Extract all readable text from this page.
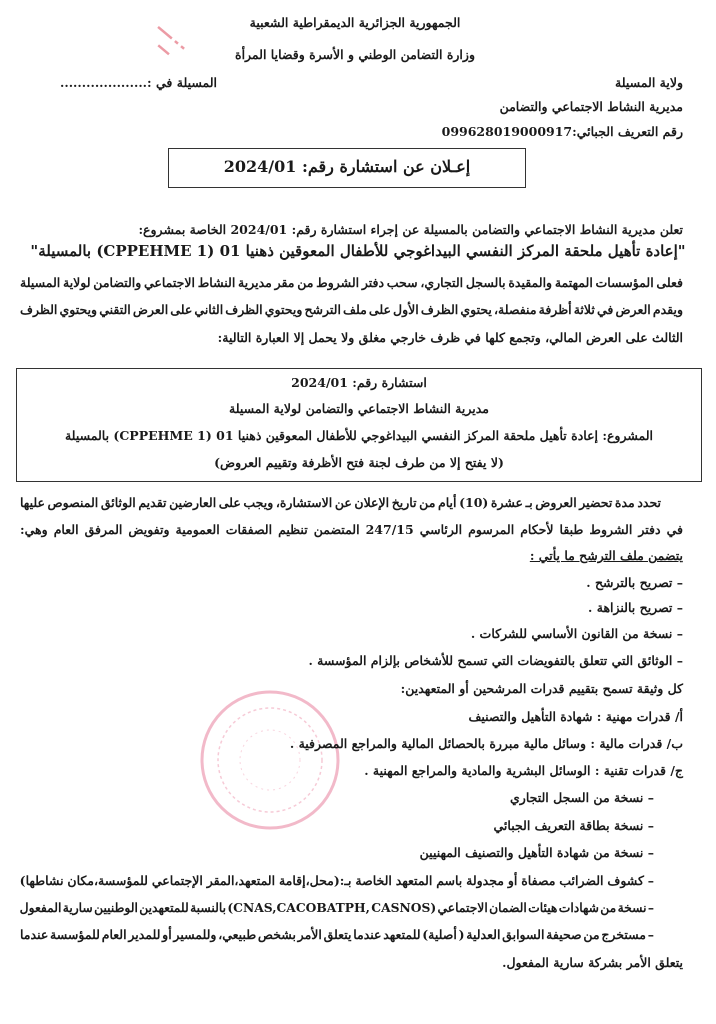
الجمهورية الجزائرية الديمقراطية الشعبية
وزارة التضامن الوطني و الأسرة وقضايا المرأة
ولاية المسيلة
المسيلة في :....................
مديرية النشاط الاجتماعي والتضامن
رقم التعريف الجبائي:099628019000917
إعـلان عن استشارة رقم: 2024/01
تعلن مديرية النشاط الاجتماعي والتضامن بالمسيلة عن إجراء استشارة رقم: 2024/01 الخاصة بمشروع:
"إعادة تأهيل ملحقة المركز النفسي البيداغوجي للأطفال المعوقين ذهنيا 01 (CPPEHME 1) بالمسيلة"
فعلى المؤسسات المهتمة والمقيدة بالسجل التجاري، سحب دفتر الشروط من مقر مديرية النشاط الاجتماعي والتضامن لولاية المسيلة
ويقدم العرض في ثلاثة أظرفة منفصلة، يحتوي الظرف الأول على ملف الترشح ويحتوي الظرف الثاني على العرض التقني ويحتوي الظرف
الثالث على العرض المالي، وتجمع كلها في ظرف خارجي مغلق ولا يحمل إلا العبارة التالية:
استشارة رقم: 2024/01
مديرية النشاط الاجتماعي والتضامن لولاية المسيلة
المشروع: إعادة تأهيل ملحقة المركز النفسي البيداغوجي للأطفال المعوقين ذهنيا 01 (CPPEHME 1) بالمسيلة
(لا يفتح إلا من طرف لجنة فتح الأظرفة وتقييم العروض)
تحدد مدة تحضير العروض بـ عشرة (10) أيام من تاريخ الإعلان عن الاستشارة، ويجب على العارضين تقديم الوثائق المنصوص عليها
في دفتر الشروط طبقا لأحكام المرسوم الرئاسي 247/15 المتضمن تنظيم الصفقات العمومية وتفويض المرفق العام وهي:
يتضمن ملف الترشح ما يأتي :
– تصريح بالترشح .
– تصريح بالنزاهة .
– نسخة من القانون الأساسي للشركات .
– الوثائق التي تتعلق بالتفويضات التي تسمح للأشخاص بإلزام المؤسسة .
كل وثيقة تسمح بتقييم قدرات المرشحين أو المتعهدين:
أ/ قدرات مهنية : شهادة التأهيل والتصنيف
ب/ قدرات مالية : وسائل مالية مبررة بالحصائل المالية والمراجع المصرفية .
ج/ قدرات تقنية : الوسائل البشرية والمادية والمراجع المهنية .
– نسخة من السجل التجاري
– نسخة بطاقة التعريف الجبائي
– نسخة من شهادة التأهيل والتصنيف المهنيين
– كشوف الضرائب مصفاة أو مجدولة باسم المتعهد الخاصة بـ:(محل،إقامة المتعهد،المقر الإجتماعي للمؤسسة،مكان نشاطها)
– نسخة من شهادات هيئات الضمان الاجتماعي (CNAS,CACOBATPH, CASNOS) بالنسبة للمتعهدين الوطنيين سارية المفعول
– مستخرج من صحيفة السوابق العدلية ( أصلية) للمتعهد عندما يتعلق الأمر بشخص طبيعي، وللمسير أو للمدير العام للمؤسسة عندما
يتعلق الأمر بشركة سارية المفعول.
